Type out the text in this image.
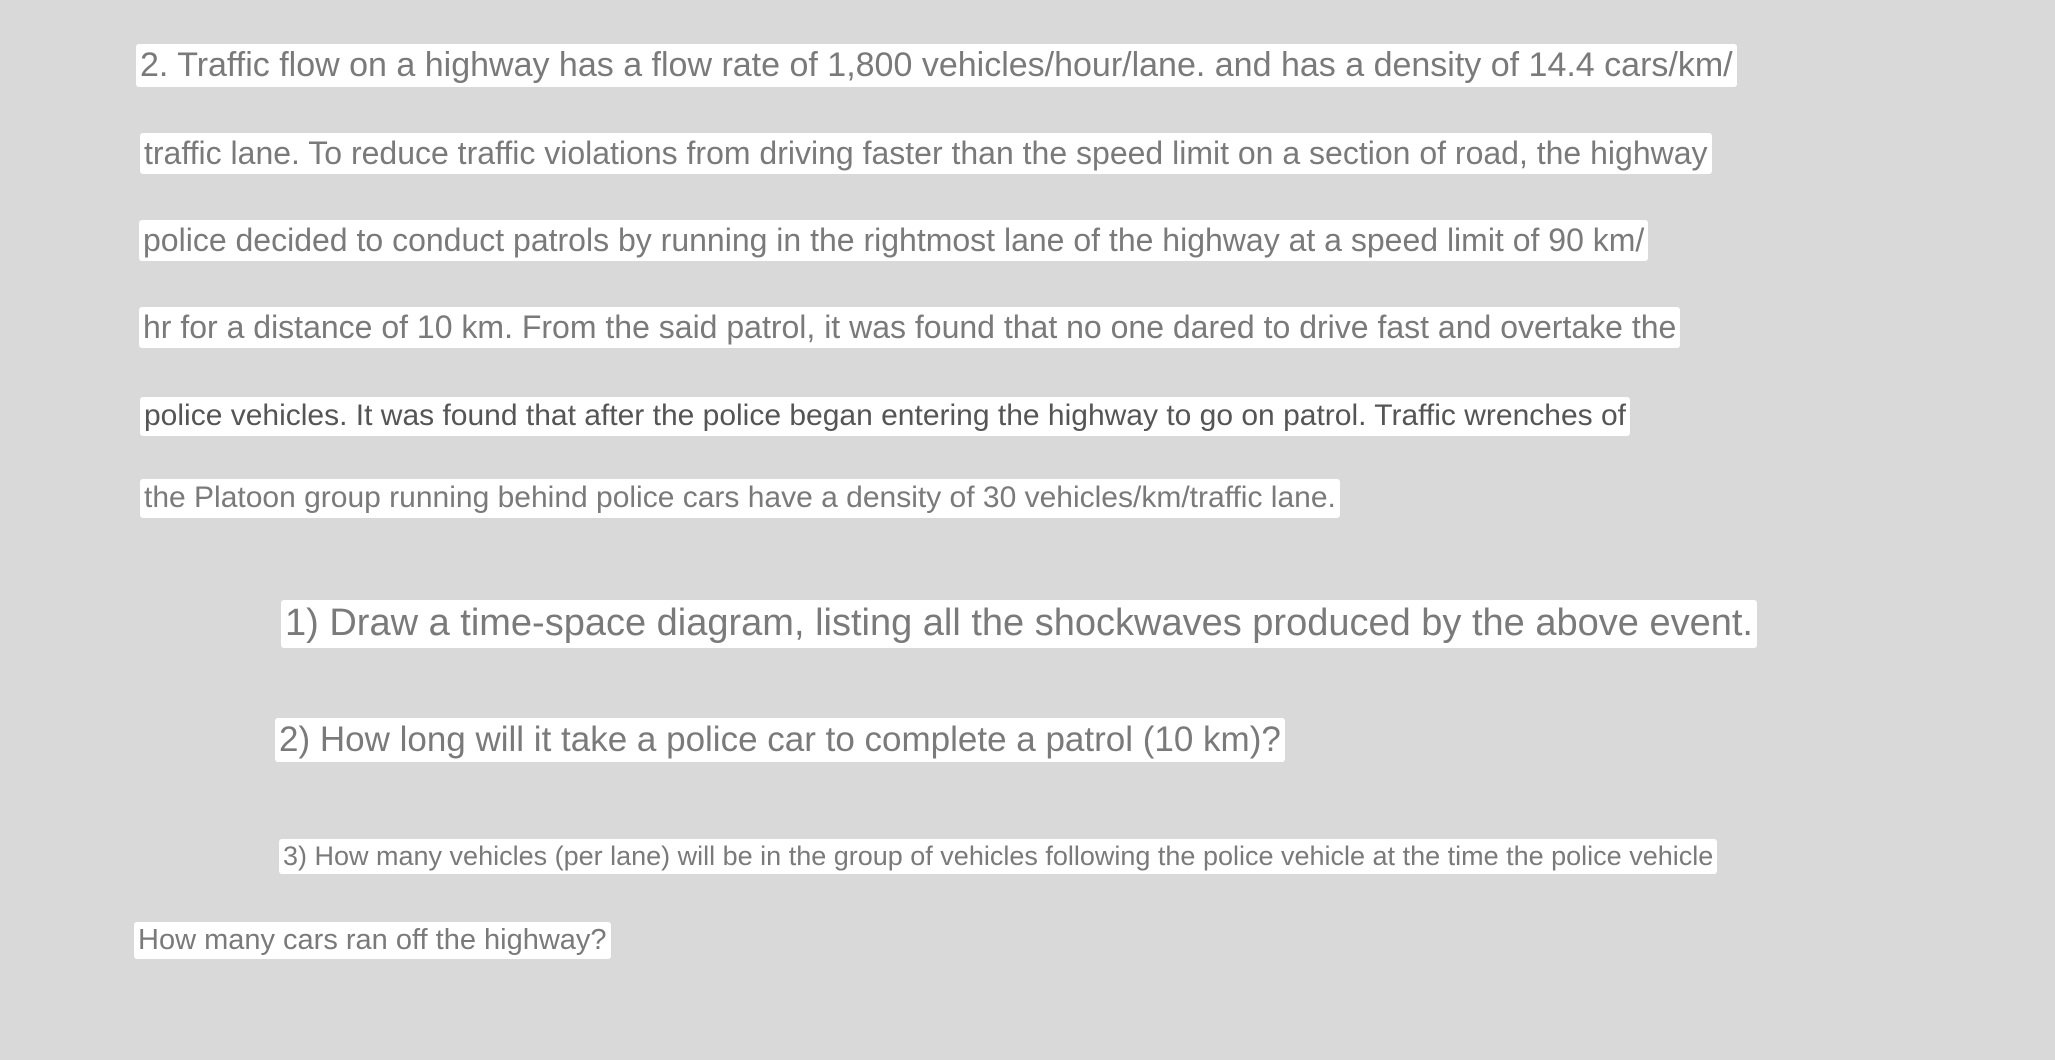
2. Traffic flow on a highway has a flow rate of 1,800 vehicles/hour/lane. and has a density of 14.4 cars/km/
traffic lane. To reduce traffic violations from driving faster than the speed limit on a section of road, the highway
police decided to conduct patrols by running in the rightmost lane of the highway at a speed limit of 90 km/
hr for a distance of 10 km. From the said patrol, it was found that no one dared to drive fast and overtake the
police vehicles. It was found that after the police began entering the highway to go on patrol. Traffic wrenches of
the Platoon group running behind police cars have a density of 30 vehicles/km/traffic lane.
1) Draw a time-space diagram, listing all the shockwaves produced by the above event.
2) How long will it take a police car to complete a patrol (10 km)?
3) How many vehicles (per lane) will be in the group of vehicles following the police vehicle at the time the police vehicle
How many cars ran off the highway?
